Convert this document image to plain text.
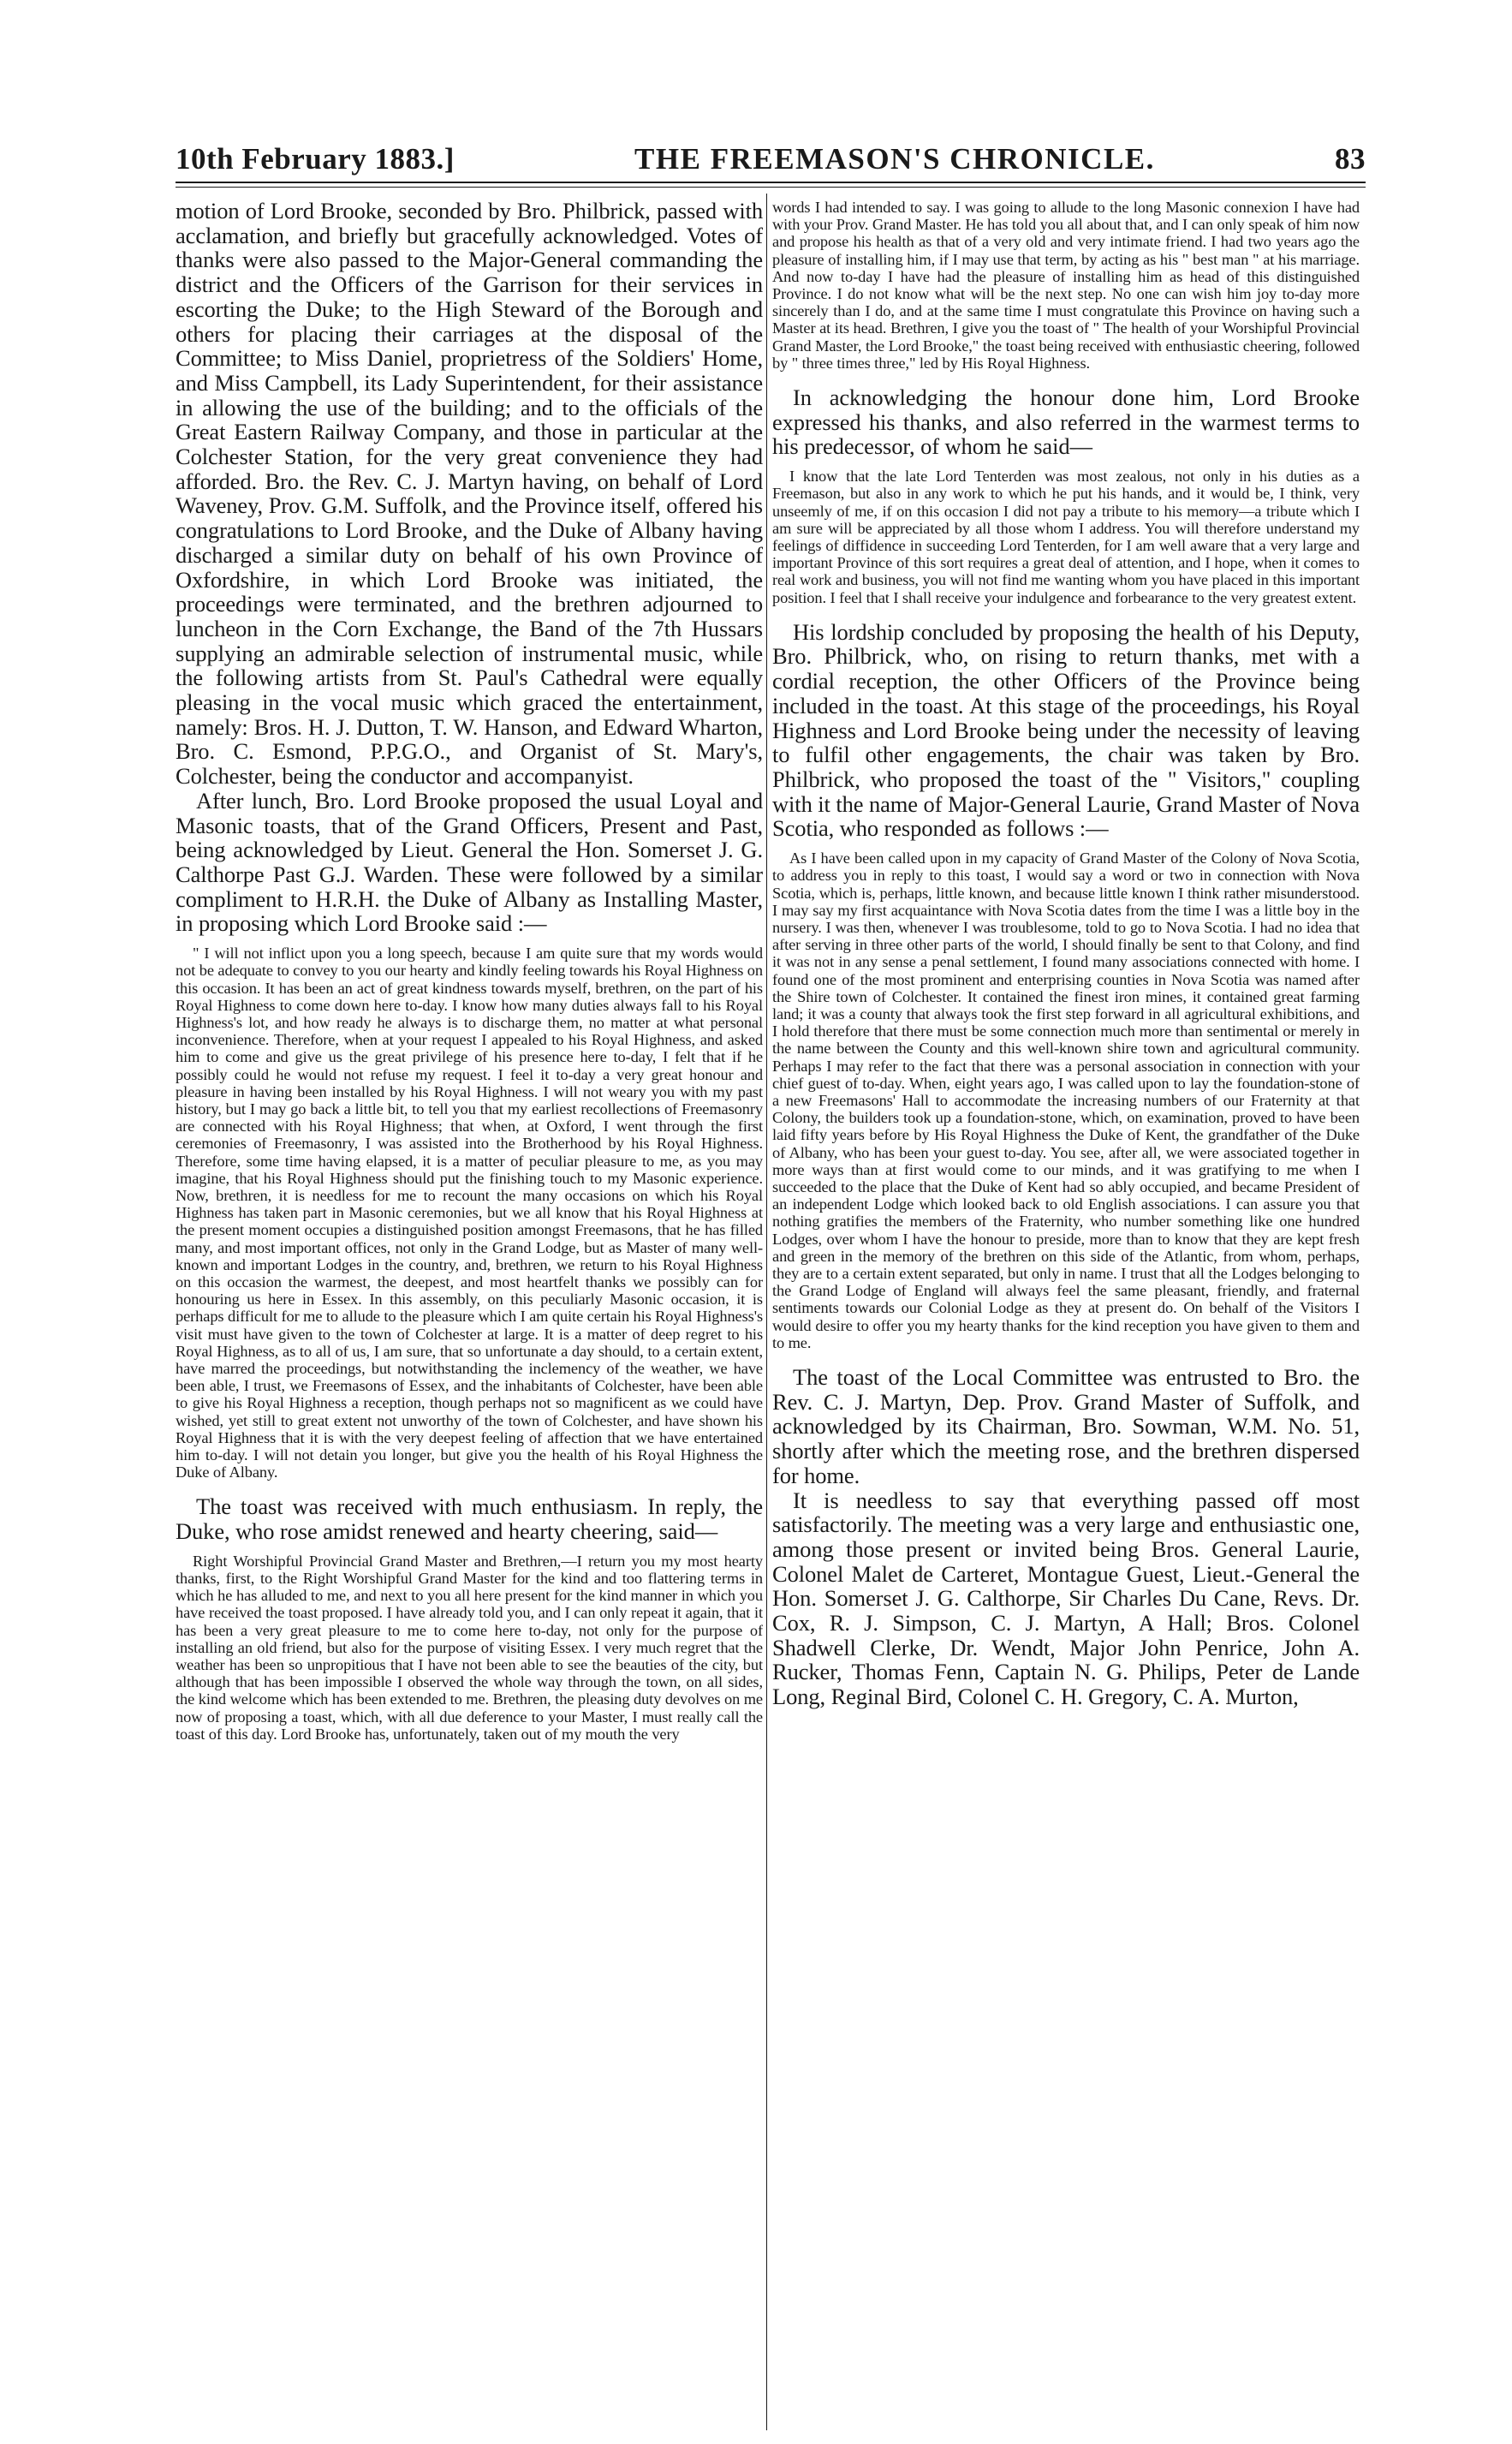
10th February 1883.]	THE FREEMASON'S CHRONICLE.	83

motion of Lord Brooke, seconded by Bro. Philbrick, passed with acclamation, and briefly but gracefully acknowledged. Votes of thanks were also passed to the Major-General commanding the district and the Officers of the Garrison for their services in escorting the Duke; to the High Steward of the Borough and others for placing their carriages at the disposal of the Committee; to Miss Daniel, proprietress of the Soldiers' Home, and Miss Campbell, its Lady Superintendent, for their assistance in allowing the use of the building; and to the officials of the Great Eastern Railway Company, and those in particular at the Colchester Station, for the very great convenience they had afforded. Bro. the Rev. C. J. Martyn having, on behalf of Lord Waveney, Prov. G.M. Suffolk, and the Province itself, offered his congratulations to Lord Brooke, and the Duke of Albany having discharged a similar duty on behalf of his own Province of Oxfordshire, in which Lord Brooke was initiated, the proceedings were terminated, and the brethren adjourned to luncheon in the Corn Exchange, the Band of the 7th Hussars supplying an admirable selection of instrumental music, while the following artists from St. Paul's Cathedral were equally pleasing in the vocal music which graced the entertainment, namely: Bros. H. J. Dutton, T. W. Hanson, and Edward Wharton, Bro. C. Esmond, P.P.G.O., and Organist of St. Mary's, Colchester, being the conductor and accompanyist.

After lunch, Bro. Lord Brooke proposed the usual Loyal and Masonic toasts, that of the Grand Officers, Present and Past, being acknowledged by Lieut. General the Hon. Somerset J. G. Calthorpe Past G.J. Warden. These were followed by a similar compliment to H.R.H. the Duke of Albany as Installing Master, in proposing which Lord Brooke said :—

" I will not inflict upon you a long speech, because I am quite sure that my words would not be adequate to convey to you our hearty and kindly feeling towards his Royal Highness on this occasion. It has been an act of great kindness towards myself, brethren, on the part of his Royal Highness to come down here to-day. I know how many duties always fall to his Royal Highness's lot, and how ready he always is to discharge them, no matter at what personal inconvenience. Therefore, when at your request I appealed to his Royal Highness, and asked him to come and give us the great privilege of his presence here to-day, I felt that if he possibly could he would not refuse my request. I feel it to-day a very great honour and pleasure in having been installed by his Royal Highness. I will not weary you with my past history, but I may go back a little bit, to tell you that my earliest recollections of Freemasonry are connected with his Royal Highness; that when, at Oxford, I went through the first ceremonies of Freemasonry, I was assisted into the Brotherhood by his Royal Highness. Therefore, some time having elapsed, it is a matter of peculiar pleasure to me, as you may imagine, that his Royal Highness should put the finishing touch to my Masonic experience. Now, brethren, it is needless for me to recount the many occasions on which his Royal Highness has taken part in Masonic ceremonies, but we all know that his Royal Highness at the present moment occupies a distinguished position amongst Freemasons, that he has filled many, and most important offices, not only in the Grand Lodge, but as Master of many well-known and important Lodges in the country, and, brethren, we return to his Royal Highness on this occasion the warmest, the deepest, and most heartfelt thanks we possibly can for honouring us here in Essex. In this assembly, on this peculiarly Masonic occasion, it is perhaps difficult for me to allude to the pleasure which I am quite certain his Royal Highness's visit must have given to the town of Colchester at large. It is a matter of deep regret to his Royal Highness, as to all of us, I am sure, that so unfortunate a day should, to a certain extent, have marred the proceedings, but notwithstanding the inclemency of the weather, we have been able, I trust, we Freemasons of Essex, and the inhabitants of Colchester, have been able to give his Royal Highness a reception, though perhaps not so magnificent as we could have wished, yet still to great extent not unworthy of the town of Colchester, and have shown his Royal Highness that it is with the very deepest feeling of affection that we have entertained him to-day. I will not detain you longer, but give you the health of his Royal Highness the Duke of Albany.

The toast was received with much enthusiasm. In reply, the Duke, who rose amidst renewed and hearty cheering, said—

Right Worshipful Provincial Grand Master and Brethren,—I return you my most hearty thanks, first, to the Right Worshipful Grand Master for the kind and too flattering terms in which he has alluded to me, and next to you all here present for the kind manner in which you have received the toast proposed. I have already told you, and I can only repeat it again, that it has been a very great pleasure to me to come here to-day, not only for the purpose of installing an old friend, but also for the purpose of visiting Essex. I very much regret that the weather has been so unpropitious that I have not been able to see the beauties of the city, but although that has been impossible I observed the whole way through the town, on all sides, the kind welcome which has been extended to me. Brethren, the pleasing duty devolves on me now of proposing a toast, which, with all due deference to your Master, I must really call the toast of this day. Lord Brooke has, unfortunately, taken out of my mouth the very

words I had intended to say. I was going to allude to the long Masonic connexion I have had with your Prov. Grand Master. He has told you all about that, and I can only speak of him now and propose his health as that of a very old and very intimate friend. I had two years ago the pleasure of installing him, if I may use that term, by acting as his " best man " at his marriage. And now to-day I have had the pleasure of installing him as head of this distinguished Province. I do not know what will be the next step. No one can wish him joy to-day more sincerely than I do, and at the same time I must congratulate this Province on having such a Master at its head. Brethren, I give you the toast of " The health of your Worshipful Provincial Grand Master, the Lord Brooke," the toast being received with enthusiastic cheering, followed by " three times three," led by His Royal Highness.

In acknowledging the honour done him, Lord Brooke expressed his thanks, and also referred in the warmest terms to his predecessor, of whom he said—

I know that the late Lord Tenterden was most zealous, not only in his duties as a Freemason, but also in any work to which he put his hands, and it would be, I think, very unseemly of me, if on this occasion I did not pay a tribute to his memory—a tribute which I am sure will be appreciated by all those whom I address. You will therefore understand my feelings of diffidence in succeeding Lord Tenterden, for I am well aware that a very large and important Province of this sort requires a great deal of attention, and I hope, when it comes to real work and business, you will not find me wanting whom you have placed in this important position. I feel that I shall receive your indulgence and forbearance to the very greatest extent.

His lordship concluded by proposing the health of his Deputy, Bro. Philbrick, who, on rising to return thanks, met with a cordial reception, the other Officers of the Province being included in the toast. At this stage of the proceedings, his Royal Highness and Lord Brooke being under the necessity of leaving to fulfil other engagements, the chair was taken by Bro. Philbrick, who proposed the toast of the " Visitors," coupling with it the name of Major-General Laurie, Grand Master of Nova Scotia, who responded as follows :—

As I have been called upon in my capacity of Grand Master of the Colony of Nova Scotia, to address you in reply to this toast, I would say a word or two in connection with Nova Scotia, which is, perhaps, little known, and because little known I think rather misunderstood. I may say my first acquaintance with Nova Scotia dates from the time I was a little boy in the nursery. I was then, whenever I was troublesome, told to go to Nova Scotia. I had no idea that after serving in three other parts of the world, I should finally be sent to that Colony, and find it was not in any sense a penal settlement, I found many associations connected with home. I found one of the most prominent and enterprising counties in Nova Scotia was named after the Shire town of Colchester. It contained the finest iron mines, it contained great farming land; it was a county that always took the first step forward in all agricultural exhibitions, and I hold therefore that there must be some connection much more than sentimental or merely in the name between the County and this well-known shire town and agricultural community. Perhaps I may refer to the fact that there was a personal association in connection with your chief guest of to-day. When, eight years ago, I was called upon to lay the foundation-stone of a new Freemasons' Hall to accommodate the increasing numbers of our Fraternity at that Colony, the builders took up a foundation-stone, which, on examination, proved to have been laid fifty years before by His Royal Highness the Duke of Kent, the grandfather of the Duke of Albany, who has been your guest to-day. You see, after all, we were associated together in more ways than at first would come to our minds, and it was gratifying to me when I succeeded to the place that the Duke of Kent had so ably occupied, and became President of an independent Lodge which looked back to old English associations. I can assure you that nothing gratifies the members of the Fraternity, who number something like one hundred Lodges, over whom I have the honour to preside, more than to know that they are kept fresh and green in the memory of the brethren on this side of the Atlantic, from whom, perhaps, they are to a certain extent separated, but only in name. I trust that all the Lodges belonging to the Grand Lodge of England will always feel the same pleasant, friendly, and fraternal sentiments towards our Colonial Lodge as they at present do. On behalf of the Visitors I would desire to offer you my hearty thanks for the kind reception you have given to them and to me.

The toast of the Local Committee was entrusted to Bro. the Rev. C. J. Martyn, Dep. Prov. Grand Master of Suffolk, and acknowledged by its Chairman, Bro. Sowman, W.M. No. 51, shortly after which the meeting rose, and the brethren dispersed for home.

It is needless to say that everything passed off most satisfactorily. The meeting was a very large and enthusiastic one, among those present or invited being Bros. General Laurie, Colonel Malet de Carteret, Montague Guest, Lieut.-General the Hon. Somerset J. G. Calthorpe, Sir Charles Du Cane, Revs. Dr. Cox, R. J. Simpson, C. J. Martyn, A Hall; Bros. Colonel Shadwell Clerke, Dr. Wendt, Major John Penrice, John A. Rucker, Thomas Fenn, Captain N. G. Philips, Peter de Lande Long, Reginal Bird, Colonel C. H. Gregory, C. A. Murton,
